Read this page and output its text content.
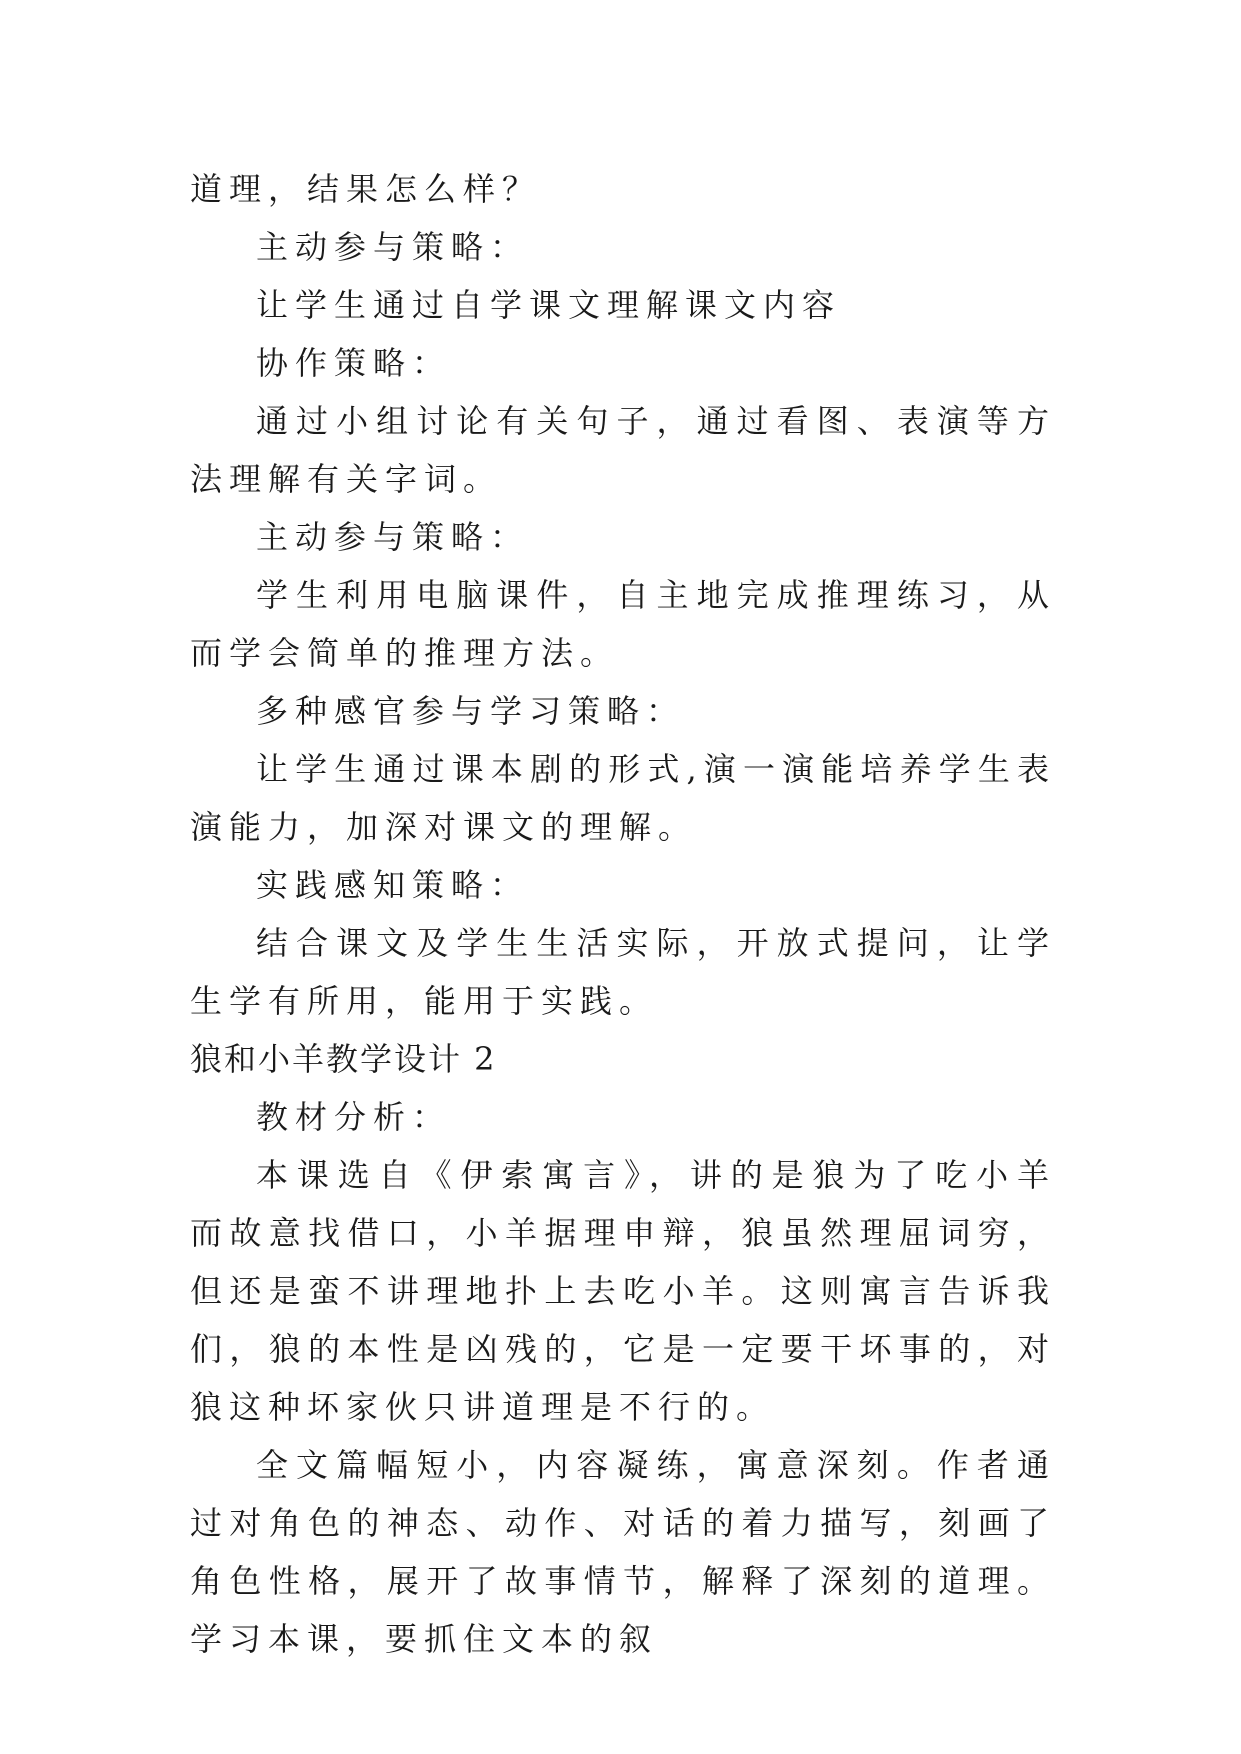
道理，结果怎么样？

主动参与策略：

让学生通过自学课文理解课文内容

协作策略：

通过小组讨论有关句子，通过看图、表演等方法理解有关字词。

主动参与策略：

学生利用电脑课件，自主地完成推理练习，从而学会简单的推理方法。

多种感官参与学习策略：

让学生通过课本剧的形式,演一演能培养学生表演能力，加深对课文的理解。

实践感知策略：

结合课文及学生生活实际，开放式提问，让学生学有所用，能用于实践。

狼和小羊教学设计 2

教材分析：

本课选自《伊索寓言》，讲的是狼为了吃小羊而故意找借口，小羊据理申辩，狼虽然理屈词穷，但还是蛮不讲理地扑上去吃小羊。这则寓言告诉我们，狼的本性是凶残的，它是一定要干坏事的，对狼这种坏家伙只讲道理是不行的。

全文篇幅短小，内容凝练，寓意深刻。作者通过对角色的神态、动作、对话的着力描写，刻画了角色性格，展开了故事情节，解释了深刻的道理。学习本课，要抓住文本的叙
